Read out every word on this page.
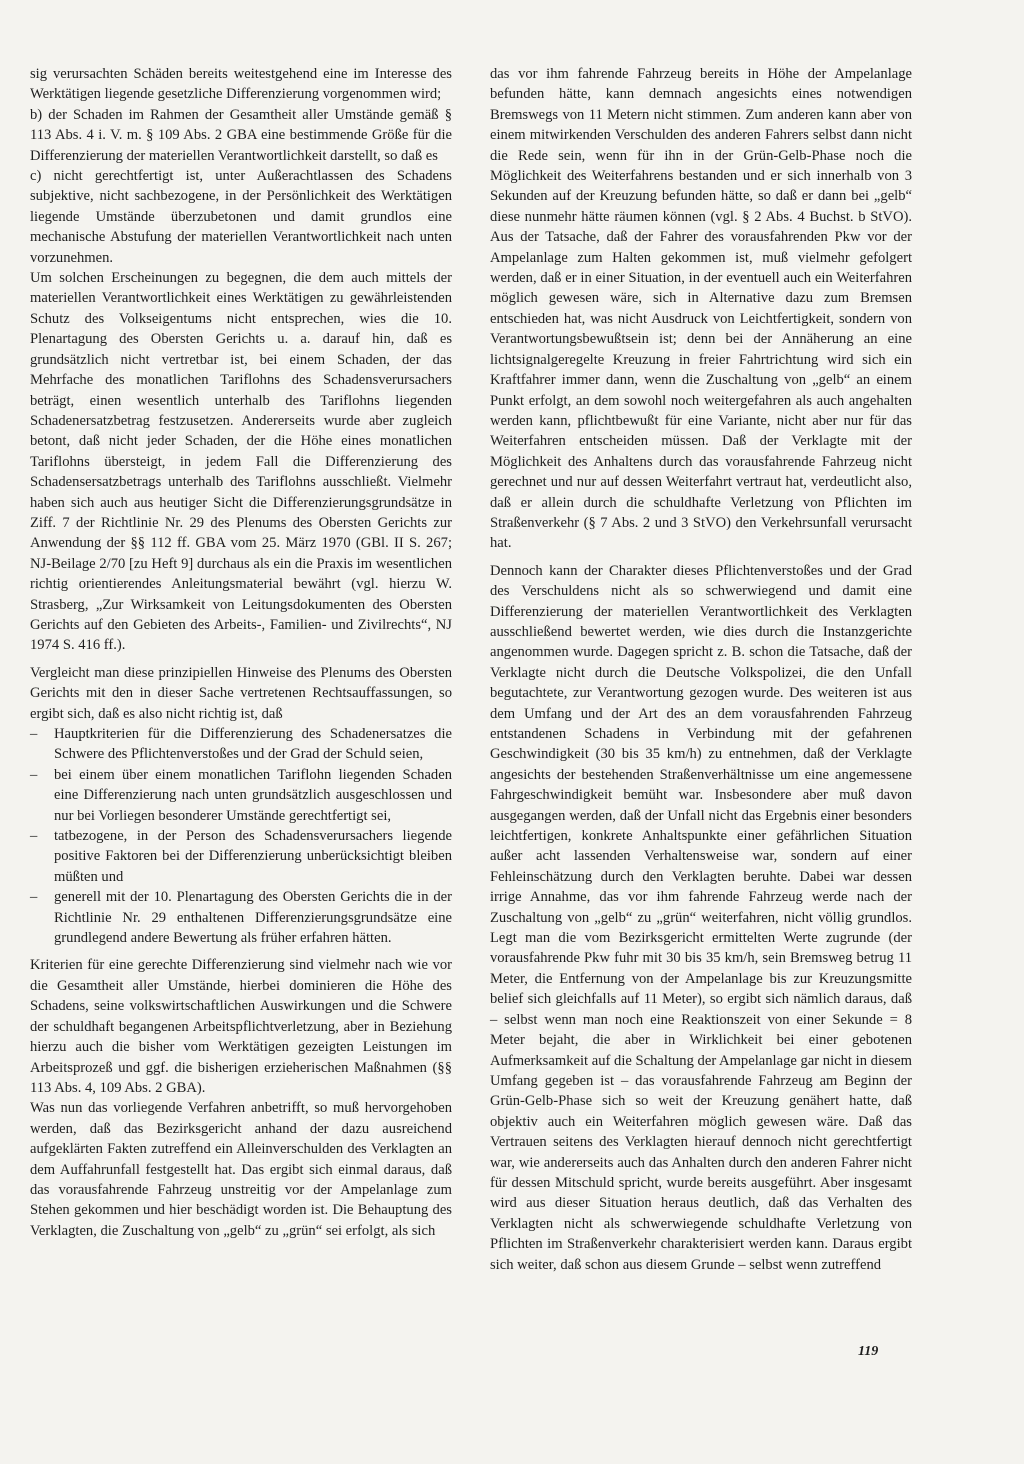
sig verursachten Schäden bereits weitestgehend eine im Interesse des Werktätigen liegende gesetzliche Differenzierung vorgenommen wird;

b) der Schaden im Rahmen der Gesamtheit aller Umstände gemäß § 113 Abs. 4 i. V. m. § 109 Abs. 2 GBA eine bestimmende Größe für die Differenzierung der materiellen Verantwortlichkeit darstellt, so daß es

c) nicht gerechtfertigt ist, unter Außerachtlassen des Schadens subjektive, nicht sachbezogene, in der Persönlichkeit des Werktätigen liegende Umstände überzubetonen und damit grundlos eine mechanische Abstufung der materiellen Verantwortlichkeit nach unten vorzunehmen.

Um solchen Erscheinungen zu begegnen, die dem auch mittels der materiellen Verantwortlichkeit eines Werktätigen zu gewährleistenden Schutz des Volkseigentums nicht entsprechen, wies die 10. Plenartagung des Obersten Gerichts u. a. darauf hin, daß es grundsätzlich nicht vertretbar ist, bei einem Schaden, der das Mehrfache des monatlichen Tariflohns des Schadensverursachers beträgt, einen wesentlich unterhalb des Tariflohns liegenden Schadenersatzbetrag festzusetzen. Andererseits wurde aber zugleich betont, daß nicht jeder Schaden, der die Höhe eines monatlichen Tariflohns übersteigt, in jedem Fall die Differenzierung des Schadensersatzbetrags unterhalb des Tariflohns ausschließt. Vielmehr haben sich auch aus heutiger Sicht die Differenzierungsgrundsätze in Ziff. 7 der Richtlinie Nr. 29 des Plenums des Obersten Gerichts zur Anwendung der §§ 112 ff. GBA vom 25. März 1970 (GBl. II S. 267; NJ-Beilage 2/70 [zu Heft 9] durchaus als ein die Praxis im wesentlichen richtig orientierendes Anleitungsmaterial bewährt (vgl. hierzu W. Strasberg, „Zur Wirksamkeit von Leitungsdokumenten des Obersten Gerichts auf den Gebieten des Arbeits-, Familien- und Zivilrechts“, NJ 1974 S. 416 ff.).

Vergleicht man diese prinzipiellen Hinweise des Plenums des Obersten Gerichts mit den in dieser Sache vertretenen Rechtsauffassungen, so ergibt sich, daß es also nicht richtig ist, daß

– Hauptkriterien für die Differenzierung des Schadenersatzes die Schwere des Pflichtenverstoßes und der Grad der Schuld seien,
– bei einem über einem monatlichen Tariflohn liegenden Schaden eine Differenzierung nach unten grundsätzlich ausgeschlossen und nur bei Vorliegen besonderer Umstände gerechtfertigt sei,
– tatbezogene, in der Person des Schadensverursachers liegende positive Faktoren bei der Differenzierung unberücksichtigt bleiben müßten und
– generell mit der 10. Plenartagung des Obersten Gerichts die in der Richtlinie Nr. 29 enthaltenen Differenzierungsgrundsätze eine grundlegend andere Bewertung als früher erfahren hätten.

Kriterien für eine gerechte Differenzierung sind vielmehr nach wie vor die Gesamtheit aller Umstände, hierbei dominieren die Höhe des Schadens, seine volkswirtschaftlichen Auswirkungen und die Schwere der schuldhaft begangenen Arbeitspflichtverletzung, aber in Beziehung hierzu auch die bisher vom Werktätigen gezeigten Leistungen im Arbeitsprozeß und ggf. die bisherigen erzieherischen Maßnahmen (§§ 113 Abs. 4, 109 Abs. 2 GBA).

Was nun das vorliegende Verfahren anbetrifft, so muß hervorgehoben werden, daß das Bezirksgericht anhand der dazu ausreichend aufgeklärten Fakten zutreffend ein Alleinverschulden des Verklagten an dem Auffahrunfall festgestellt hat. Das ergibt sich einmal daraus, daß das vorausfahrende Fahrzeug unstreitig vor der Ampelanlage zum Stehen gekommen und hier beschädigt worden ist. Die Behauptung des Verklagten, die Zuschaltung von „gelb“ zu „grün“ sei erfolgt, als sich

das vor ihm fahrende Fahrzeug bereits in Höhe der Ampelanlage befunden hätte, kann demnach angesichts eines notwendigen Bremswegs von 11 Metern nicht stimmen. Zum anderen kann aber von einem mitwirkenden Verschulden des anderen Fahrers selbst dann nicht die Rede sein, wenn für ihn in der Grün-Gelb-Phase noch die Möglichkeit des Weiterfahrens bestanden und er sich innerhalb von 3 Sekunden auf der Kreuzung befunden hätte, so daß er dann bei „gelb“ diese nunmehr hätte räumen können (vgl. § 2 Abs. 4 Buchst. b StVO). Aus der Tatsache, daß der Fahrer des vorausfahrenden Pkw vor der Ampelanlage zum Halten gekommen ist, muß vielmehr gefolgert werden, daß er in einer Situation, in der eventuell auch ein Weiterfahren möglich gewesen wäre, sich in Alternative dazu zum Bremsen entschieden hat, was nicht Ausdruck von Leichtfertigkeit, sondern von Verantwortungsbewußtsein ist; denn bei der Annäherung an eine lichtsignalgeregelte Kreuzung in freier Fahrtrichtung wird sich ein Kraftfahrer immer dann, wenn die Zuschaltung von „gelb“ an einem Punkt erfolgt, an dem sowohl noch weitergefahren als auch angehalten werden kann, pflichtbewußt für eine Variante, nicht aber nur für das Weiterfahren entscheiden müssen. Daß der Verklagte mit der Möglichkeit des Anhaltens durch das vorausfahrende Fahrzeug nicht gerechnet und nur auf dessen Weiterfahrt vertraut hat, verdeutlicht also, daß er allein durch die schuldhafte Verletzung von Pflichten im Straßenverkehr (§ 7 Abs. 2 und 3 StVO) den Verkehrsunfall verursacht hat.

Dennoch kann der Charakter dieses Pflichtenverstoßes und der Grad des Verschuldens nicht als so schwerwiegend und damit eine Differenzierung der materiellen Verantwortlichkeit des Verklagten ausschließend bewertet werden, wie dies durch die Instanzgerichte angenommen wurde. Dagegen spricht z. B. schon die Tatsache, daß der Verklagte nicht durch die Deutsche Volkspolizei, die den Unfall begutachtete, zur Verantwortung gezogen wurde. Des weiteren ist aus dem Umfang und der Art des an dem vorausfahrenden Fahrzeug entstandenen Schadens in Verbindung mit der gefahrenen Geschwindigkeit (30 bis 35 km/h) zu entnehmen, daß der Verklagte angesichts der bestehenden Straßenverhältnisse um eine angemessene Fahrgeschwindigkeit bemüht war. Insbesondere aber muß davon ausgegangen werden, daß der Unfall nicht das Ergebnis einer besonders leichtfertigen, konkrete Anhaltspunkte einer gefährlichen Situation außer acht lassenden Verhaltensweise war, sondern auf einer Fehleinschätzung durch den Verklagten beruhte. Dabei war dessen irrige Annahme, das vor ihm fahrende Fahrzeug werde nach der Zuschaltung von „gelb“ zu „grün“ weiterfahren, nicht völlig grundlos. Legt man die vom Bezirksgericht ermittelten Werte zugrunde (der vorausfahrende Pkw fuhr mit 30 bis 35 km/h, sein Bremsweg betrug 11 Meter, die Entfernung von der Ampelanlage bis zur Kreuzungsmitte belief sich gleichfalls auf 11 Meter), so ergibt sich nämlich daraus, daß – selbst wenn man noch eine Reaktionszeit von einer Sekunde = 8 Meter bejaht, die aber in Wirklichkeit bei einer gebotenen Aufmerksamkeit auf die Schaltung der Ampelanlage gar nicht in diesem Umfang gegeben ist – das vorausfahrende Fahrzeug am Beginn der Grün-Gelb-Phase sich so weit der Kreuzung genähert hatte, daß objektiv auch ein Weiterfahren möglich gewesen wäre. Daß das Vertrauen seitens des Verklagten hierauf dennoch nicht gerechtfertigt war, wie andererseits auch das Anhalten durch den anderen Fahrer nicht für dessen Mitschuld spricht, wurde bereits ausgeführt. Aber insgesamt wird aus dieser Situation heraus deutlich, daß das Verhalten des Verklagten nicht als schwerwiegende schuldhafte Verletzung von Pflichten im Straßenverkehr charakterisiert werden kann. Daraus ergibt sich weiter, daß schon aus diesem Grunde – selbst wenn zutreffend

119
